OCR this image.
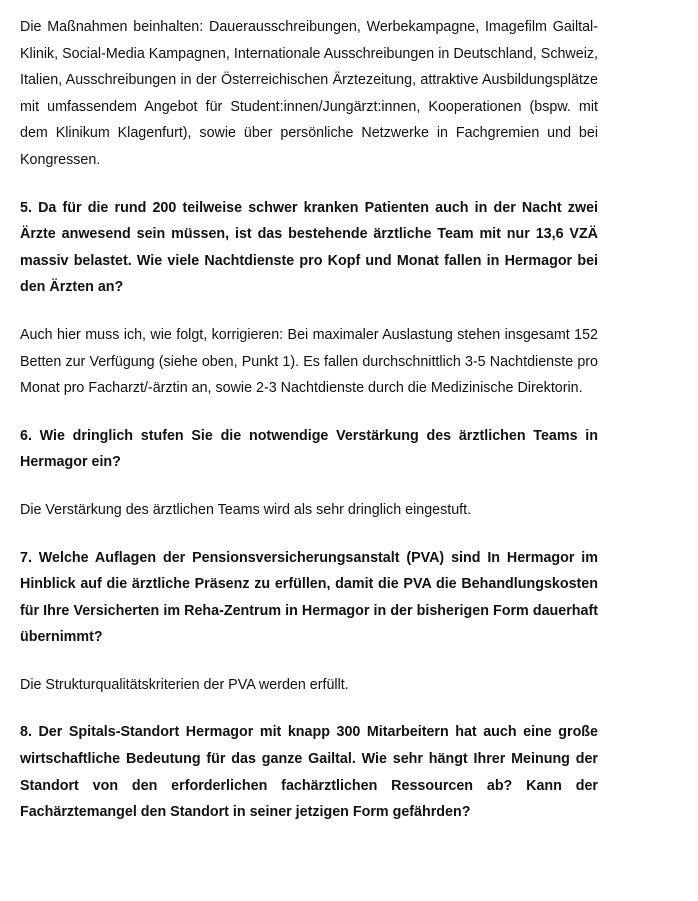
Die Maßnahmen beinhalten: Dauerausschreibungen, Werbekampagne, Imagefilm Gailtal-Klinik, Social-Media Kampagnen, Internationale Ausschreibungen in Deutschland, Schweiz, Italien, Ausschreibungen in der Österreichischen Ärztezeitung, attraktive Ausbildungsplätze mit umfassendem Angebot für Student:innen/Jungärzt:innen, Kooperationen (bspw. mit dem Klinikum Klagenfurt), sowie über persönliche Netzwerke in Fachgremien und bei Kongressen.

5. Da für die rund 200 teilweise schwer kranken Patienten auch in der Nacht zwei Ärzte anwesend sein müssen, ist das bestehende ärztliche Team mit nur 13,6 VZÄ massiv belastet. Wie viele Nachtdienste pro Kopf und Monat fallen in Hermagor bei den Ärzten an?

Auch hier muss ich, wie folgt, korrigieren: Bei maximaler Auslastung stehen insgesamt 152 Betten zur Verfügung (siehe oben, Punkt 1). Es fallen durchschnittlich 3-5 Nachtdienste pro Monat pro Facharzt/-ärztin an, sowie 2-3 Nachtdienste durch die Medizinische Direktorin.

6. Wie dringlich stufen Sie die notwendige Verstärkung des ärztlichen Teams in Hermagor ein?

Die Verstärkung des ärztlichen Teams wird als sehr dringlich eingestuft.

7. Welche Auflagen der Pensionsversicherungsanstalt (PVA) sind In Hermagor im Hinblick auf die ärztliche Präsenz zu erfüllen, damit die PVA die Behandlungskosten für Ihre Versicherten im Reha-Zentrum in Hermagor in der bisherigen Form dauerhaft übernimmt?

Die Strukturqualitätskriterien der PVA werden erfüllt.

8. Der Spitals-Standort Hermagor mit knapp 300 Mitarbeitern hat auch eine große wirtschaftliche Bedeutung für das ganze Gailtal. Wie sehr hängt Ihrer Meinung der Standort von den erforderlichen fachärztlichen Ressourcen ab? Kann der Fachärztemangel den Standort in seiner jetzigen Form gefährden?
